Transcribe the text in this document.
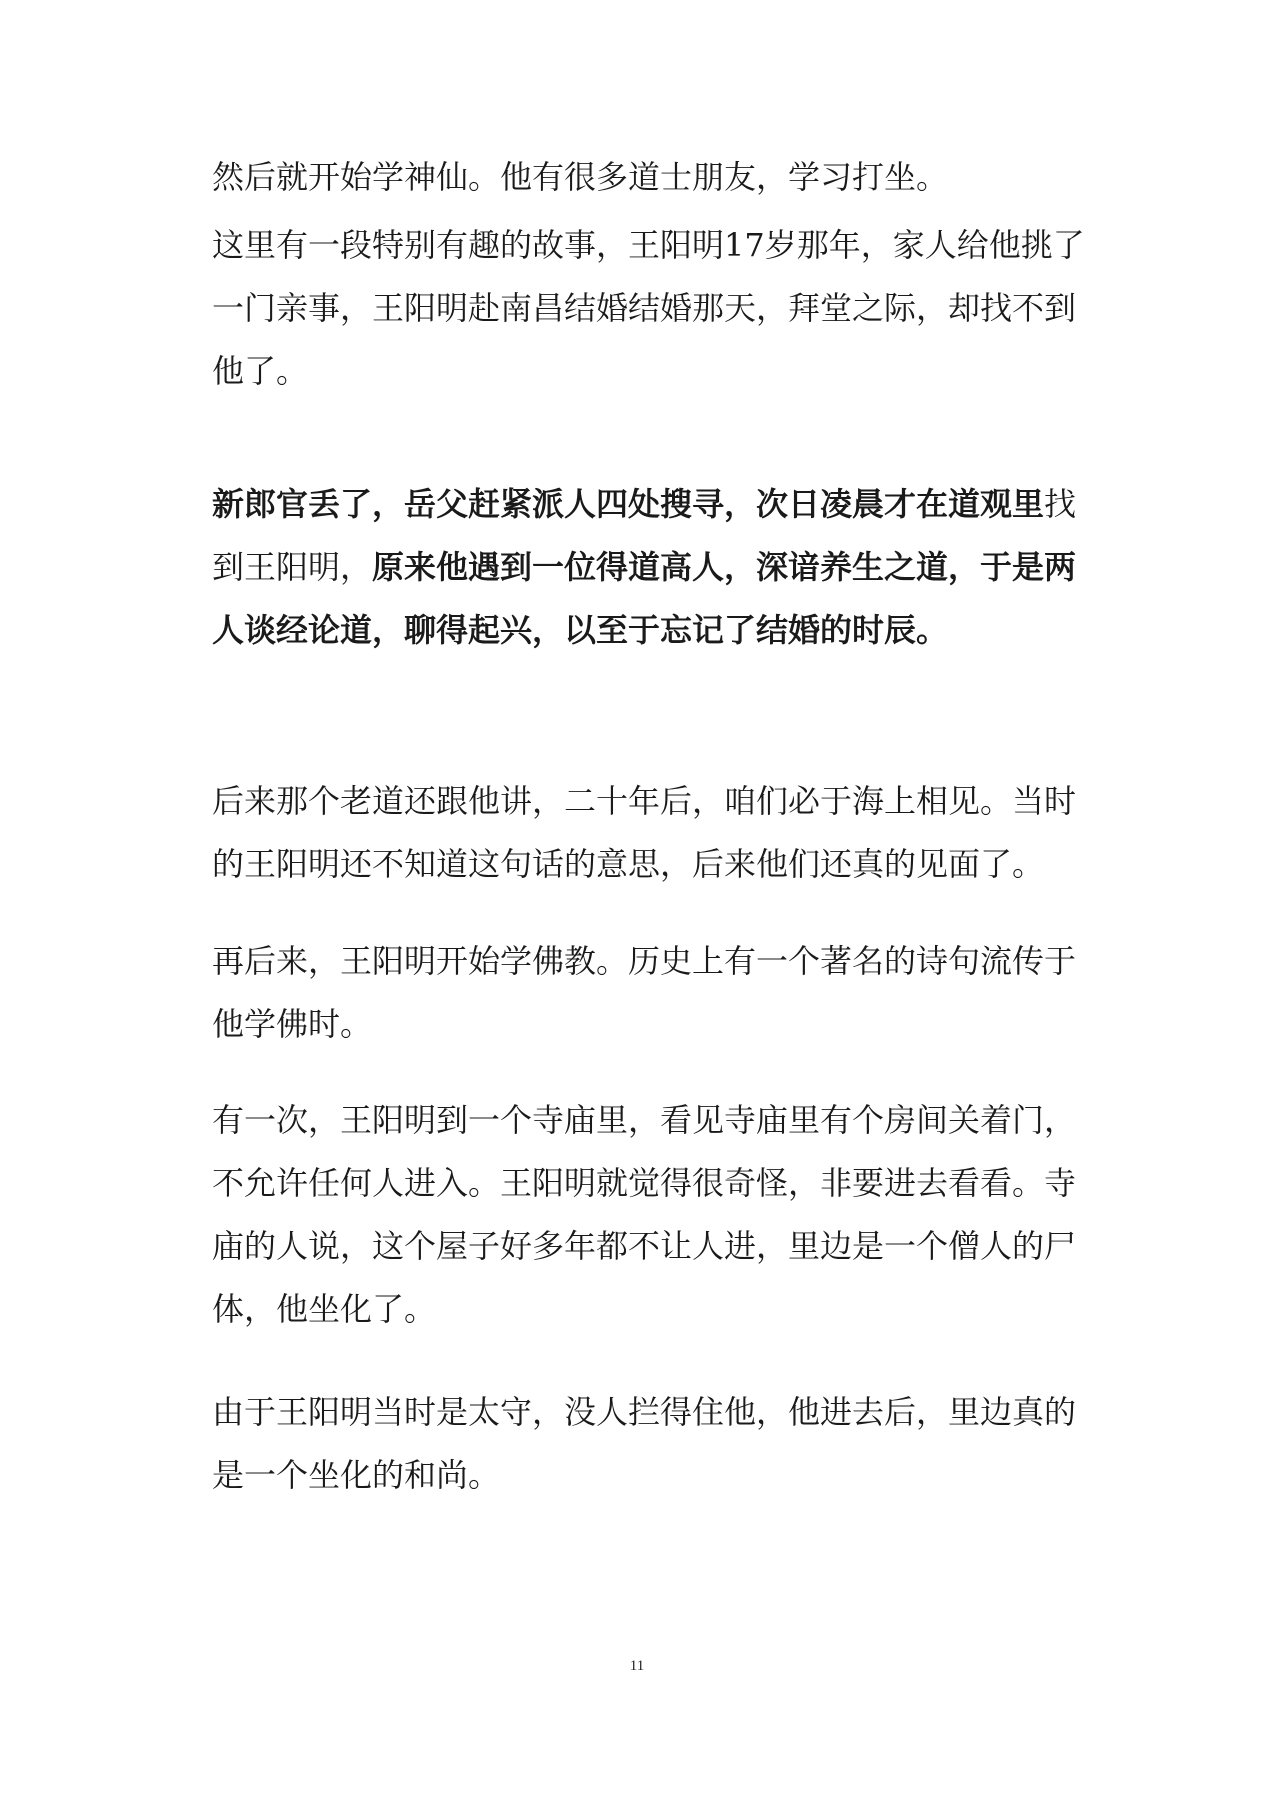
然后就开始学神仙。他有很多道士朋友，学习打坐。

这里有一段特别有趣的故事，王阳明17岁那年，家人给他挑了一门亲事，王阳明赴南昌结婚结婚那天，拜堂之际，却找不到他了。

新郎官丢了，岳父赶紧派人四处搜寻，次日凌晨才在道观里找到王阳明，原来他遇到一位得道高人，深谙养生之道，于是两人谈经论道，聊得起兴，以至于忘记了结婚的时辰。

后来那个老道还跟他讲，二十年后，咱们必于海上相见。当时的王阳明还不知道这句话的意思，后来他们还真的见面了。

再后来，王阳明开始学佛教。历史上有一个著名的诗句流传于他学佛时。

有一次，王阳明到一个寺庙里，看见寺庙里有个房间关着门，不允许任何人进入。王阳明就觉得很奇怪，非要进去看看。寺庙的人说，这个屋子好多年都不让人进，里边是一个僧人的尸体，他坐化了。

由于王阳明当时是太守，没人拦得住他，他进去后，里边真的是一个坐化的和尚。

11
